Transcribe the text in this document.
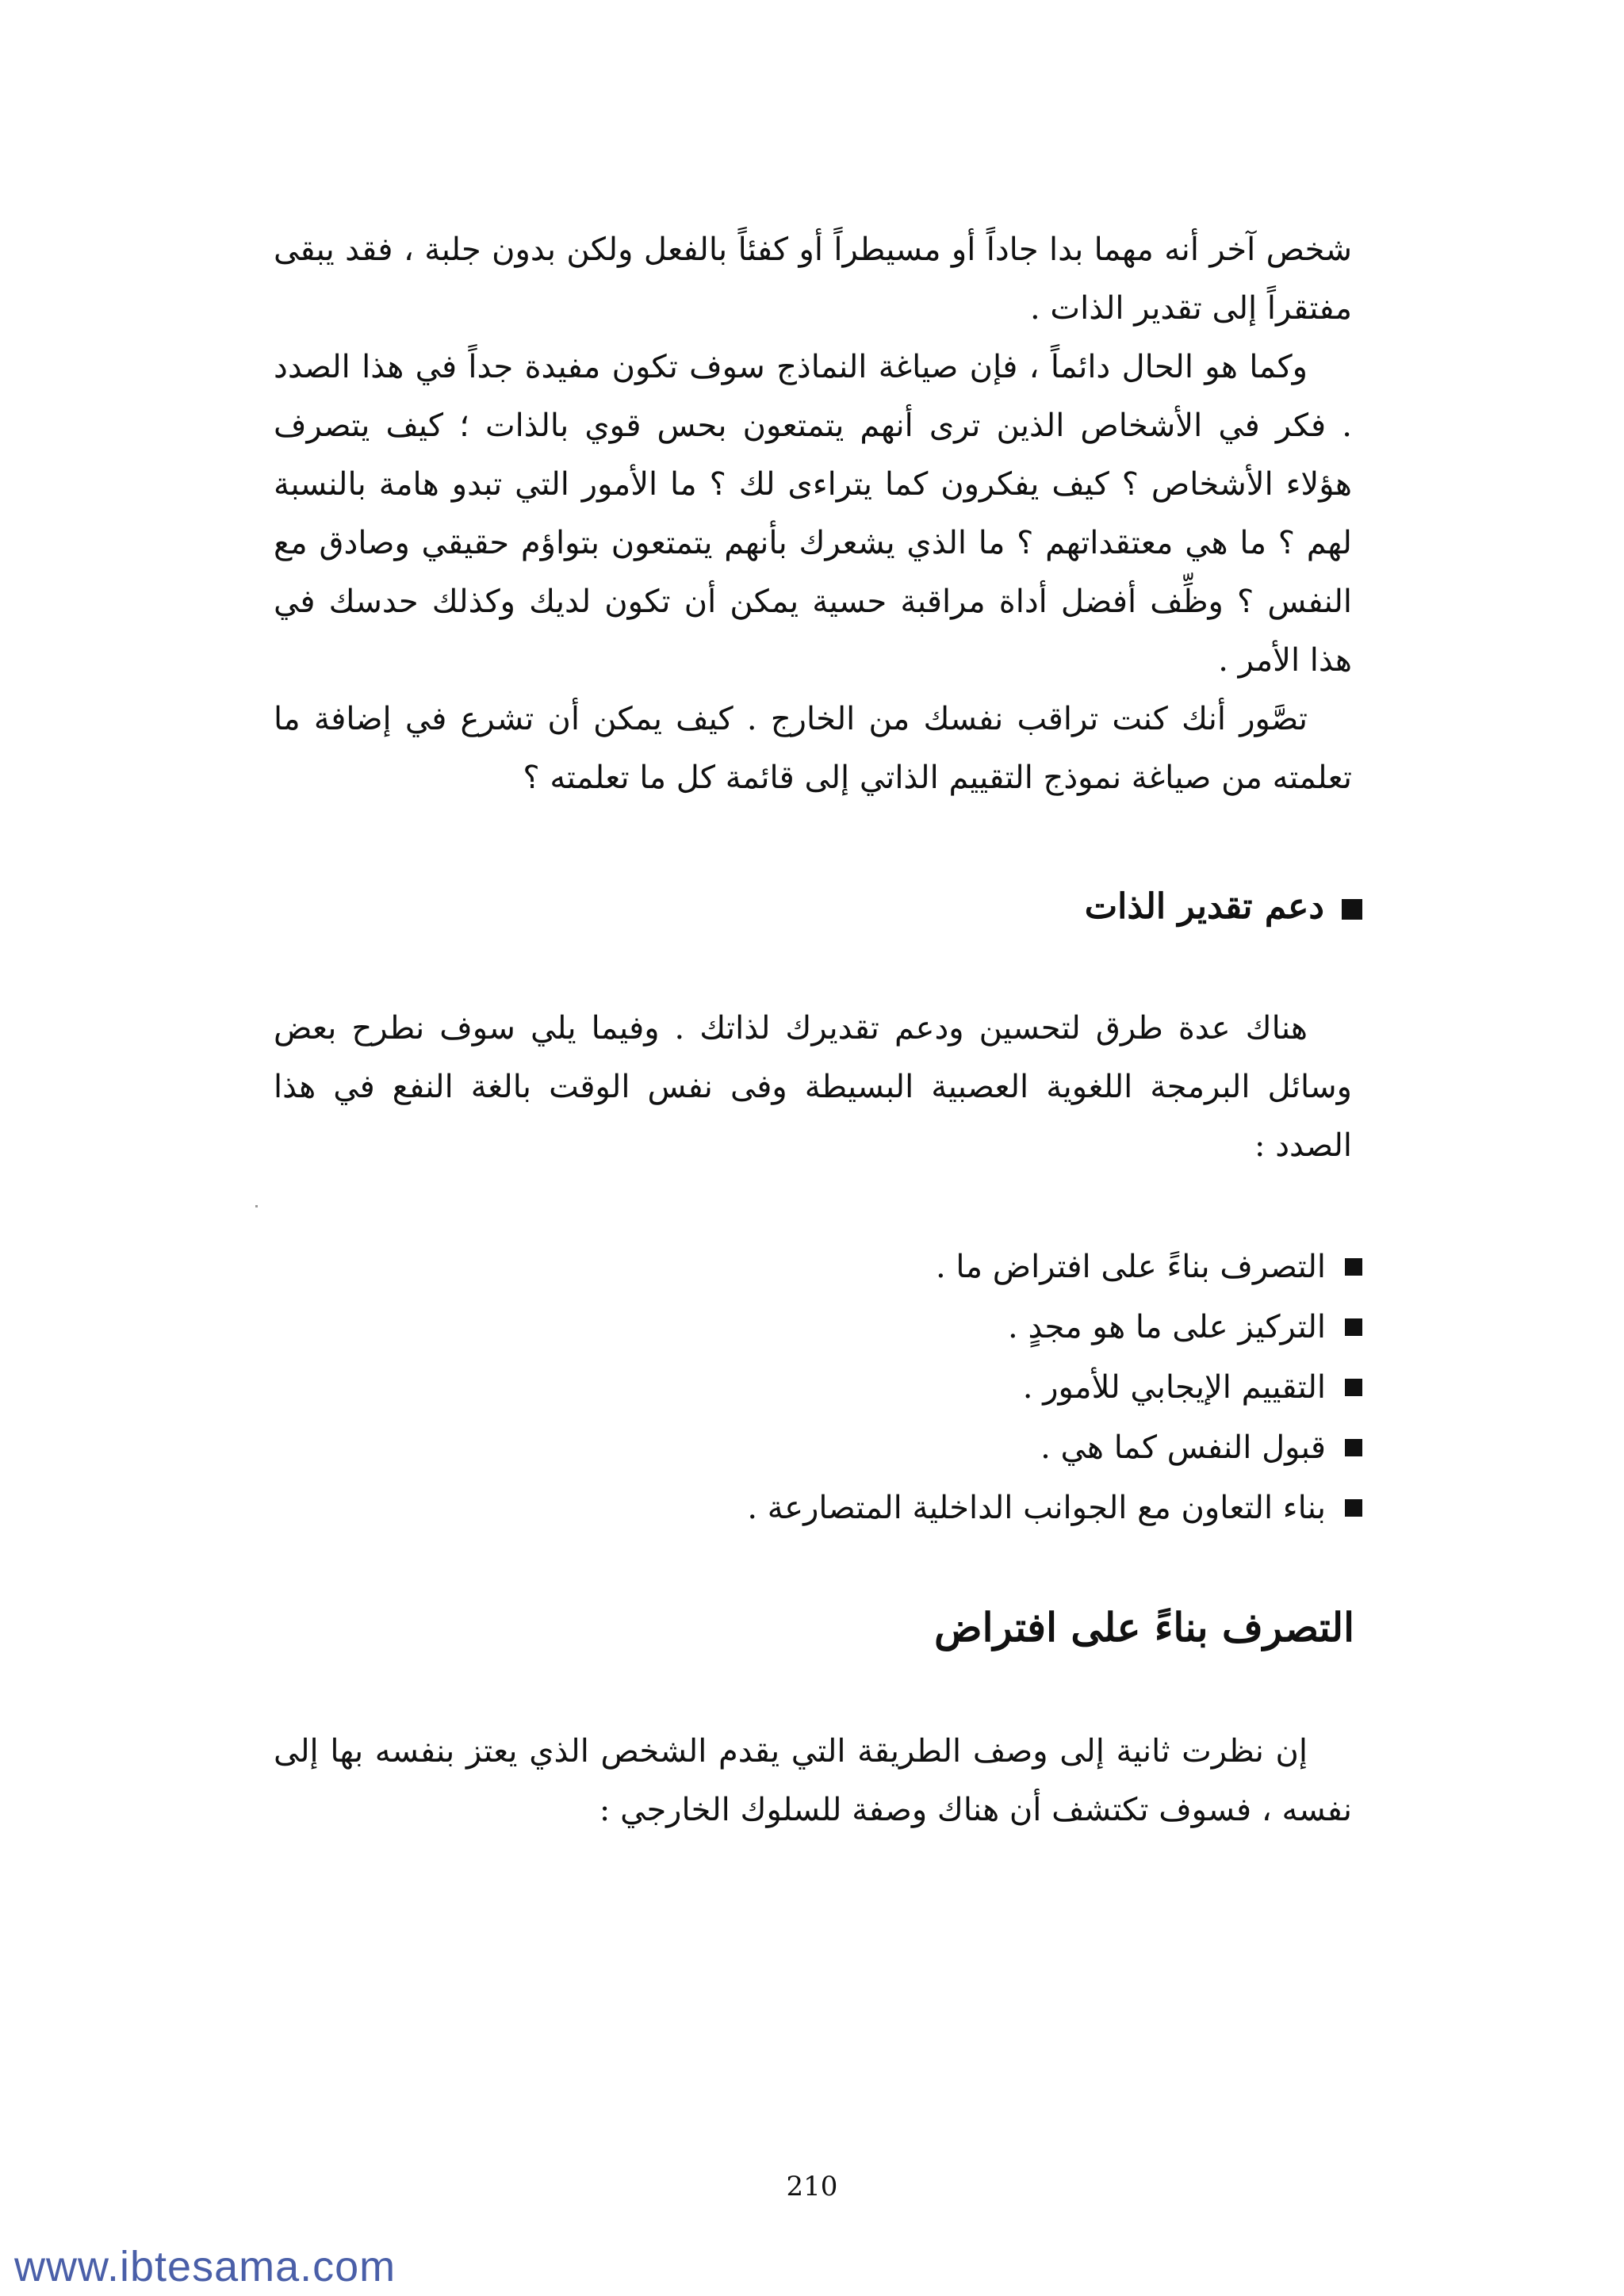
شخص آخر أنه مهما بدا جاداً أو مسيطراً أو كفئاً بالفعل ولكن بدون جلبة ، فقد يبقى مفتقراً إلى تقدير الذات .

وكما هو الحال دائماً ، فإن صياغة النماذج سوف تكون مفيدة جداً في هذا الصدد . فكر في الأشخاص الذين ترى أنهم يتمتعون بحس قوي بالذات ؛ كيف يتصرف هؤلاء الأشخاص ؟ كيف يفكرون كما يتراءى لك ؟ ما الأمور التي تبدو هامة بالنسبة لهم ؟ ما هي معتقداتهم ؟ ما الذي يشعرك بأنهم يتمتعون بتواؤم حقيقي وصادق مع النفس ؟ وظِّف أفضل أداة مراقبة حسية يمكن أن تكون لديك وكذلك حدسك في هذا الأمر .

تصَّور أنك كنت تراقب نفسك من الخارج . كيف يمكن أن تشرع في إضافة ما تعلمته من صياغة نموذج التقييم الذاتي إلى قائمة كل ما تعلمته ؟

دعم تقدير الذات

هناك عدة طرق لتحسين ودعم تقديرك لذاتك . وفيما يلي سوف نطرح بعض وسائل البرمجة اللغوية العصبية البسيطة وفى نفس الوقت بالغة النفع في هذا الصدد :

التصرف بناءً على افتراض ما .
التركيز على ما هو مجدٍ .
التقييم الإيجابي للأمور .
قبول النفس كما هي .
بناء التعاون مع الجوانب الداخلية المتصارعة .
التصرف بناءً على افتراض

إن نظرت ثانية إلى وصف الطريقة التي يقدم الشخص الذي يعتز بنفسه بها إلى نفسه ، فسوف تكتشف أن هناك وصفة للسلوك الخارجي :

210
www.ibtesama.com
